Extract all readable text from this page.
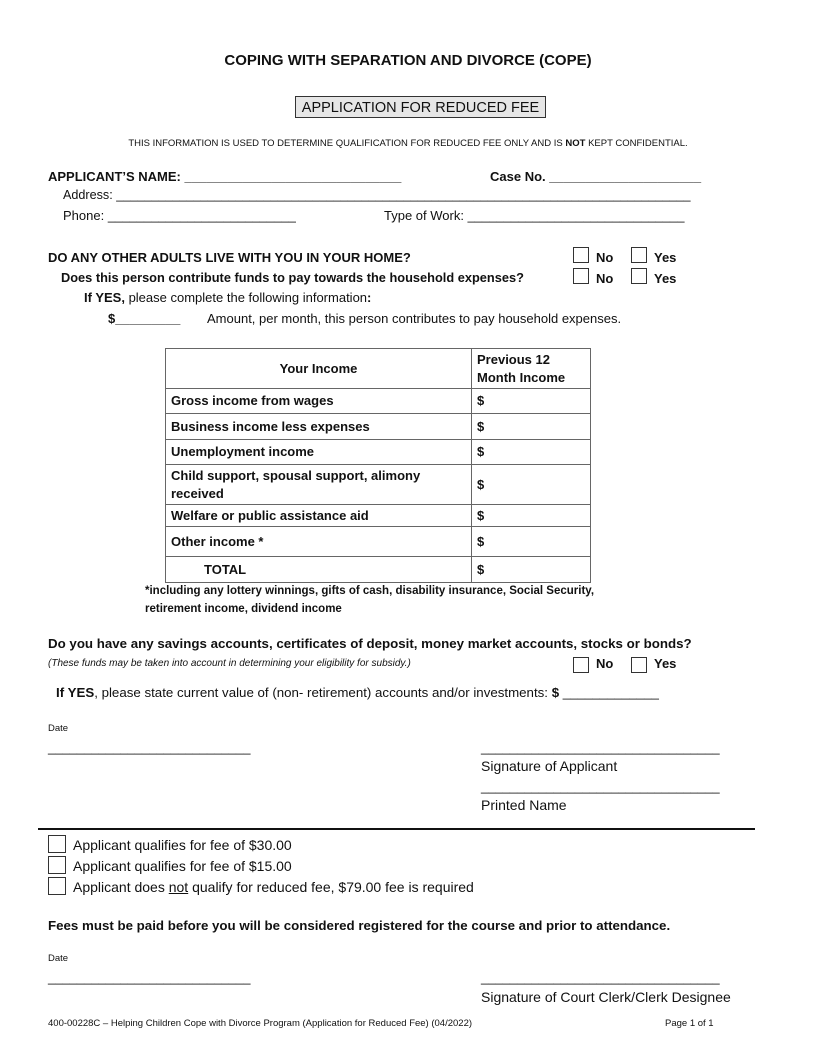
COPING WITH SEPARATION AND DIVORCE (COPE)
APPLICATION FOR REDUCED FEE
THIS INFORMATION IS USED TO DETERMINE QUALIFICATION FOR REDUCED FEE ONLY AND IS NOT KEPT CONFIDENTIAL.
APPLICANT’S NAME: ______________________________	Case No. _____________________
Address: __________________________________________________________________________________
Phone: __________________________	Type of Work: ______________________________
DO ANY OTHER ADULTS LIVE WITH YOU IN YOUR HOME?	No	Yes
Does this person contribute funds to pay towards the household expenses?	No	Yes
If YES, please complete the following information:
$_________ Amount, per month, this person contributes to pay household expenses.
Your Income	Previous 12
Month Income
Gross income from wages	$
Business income less expenses	$
Unemployment income	$
Child support, spousal support, alimony received	$
Welfare or public assistance aid	$
Other income *	$
TOTAL	$
*including any lottery winnings, gifts of cash, disability insurance, Social Security,
retirement income, dividend income
Do you have any savings accounts, certificates of deposit, money market accounts, stocks or bonds?
(These funds may be taken into account in determining your eligibility for subsidy.)	No	Yes
If YES, please state current value of (non- retirement) accounts and/or investments: $ _____________
Date
____________________________	_________________________________
Signature of Applicant
_________________________________
Printed Name
Applicant qualifies for fee of $30.00
Applicant qualifies for fee of $15.00
Applicant does not qualify for reduced fee, $79.00 fee is required
Fees must be paid before you will be considered registered for the course and prior to attendance.
Date
____________________________	_________________________________
Signature of Court Clerk/Clerk Designee
400-00228C – Helping Children Cope with Divorce Program (Application for Reduced Fee) (04/2022)	Page 1 of 1
